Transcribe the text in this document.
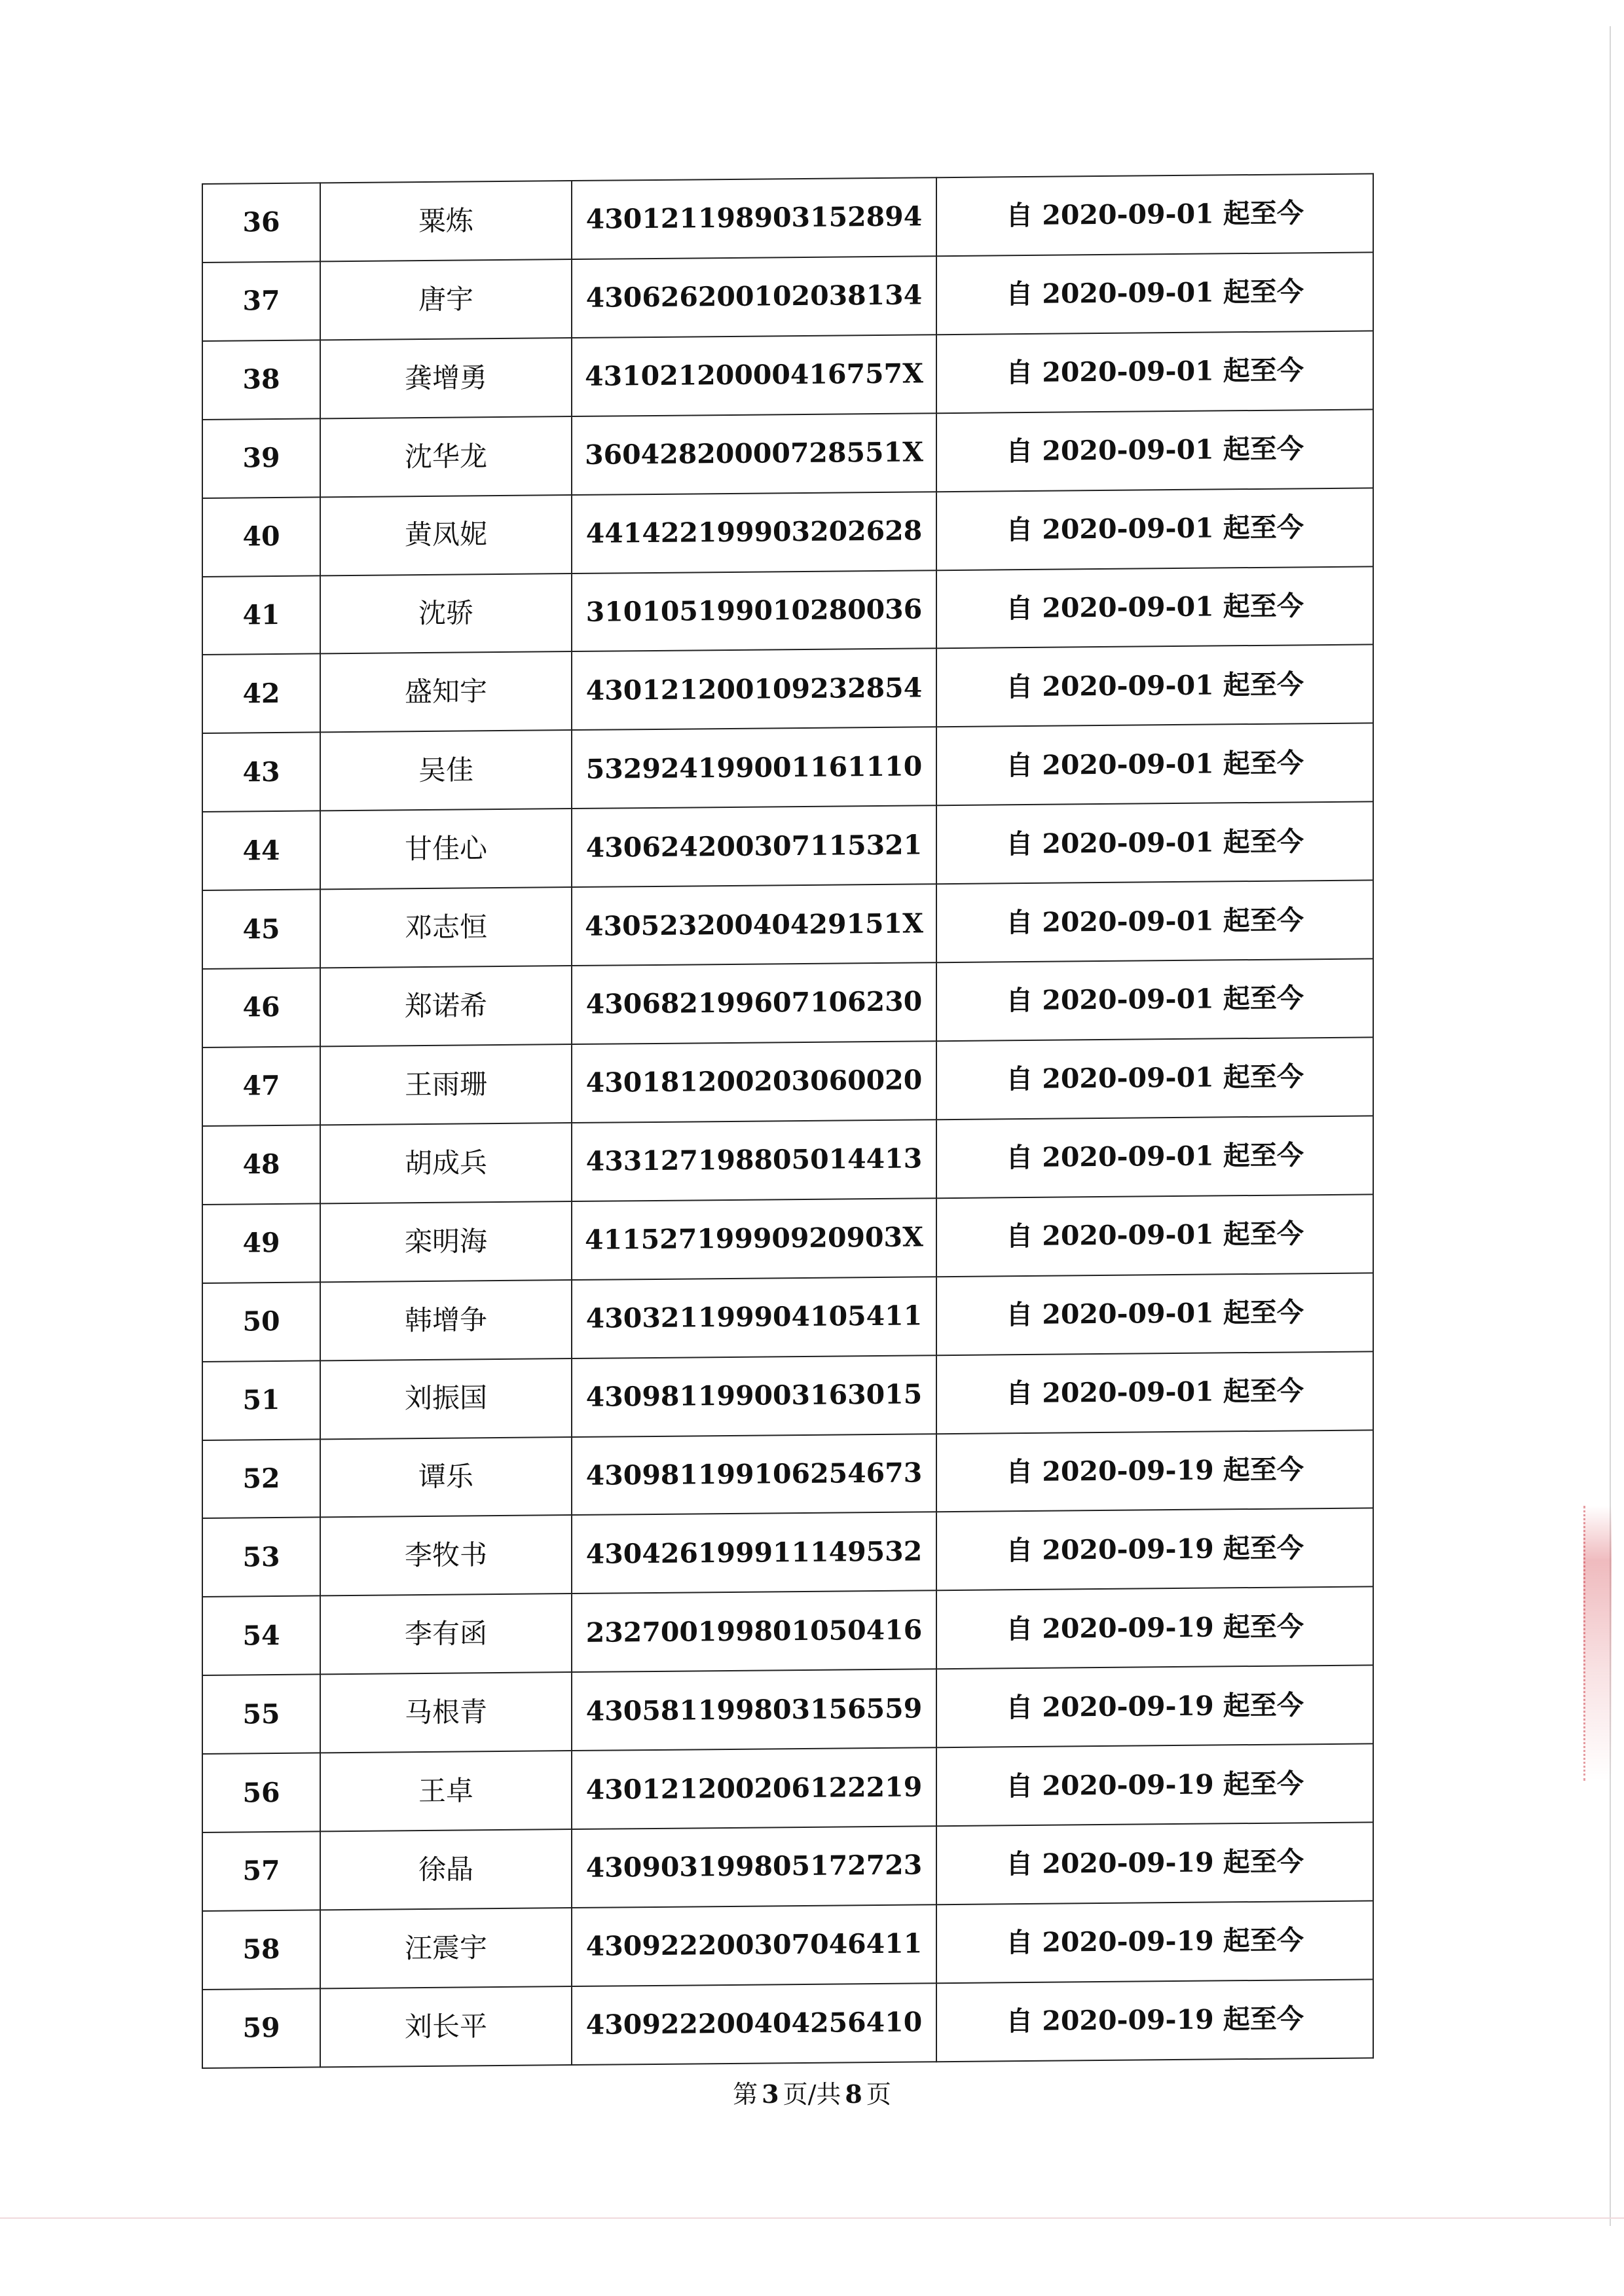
36	粟炼	430121198903152894	自 2020-09-01 起至今
37	唐宇	430626200102038134	自 2020-09-01 起至今
38	龚增勇	43102120000416757X	自 2020-09-01 起至今
39	沈华龙	36042820000728551X	自 2020-09-01 起至今
40	黄凤妮	441422199903202628	自 2020-09-01 起至今
41	沈骄	310105199010280036	自 2020-09-01 起至今
42	盛知宇	430121200109232854	自 2020-09-01 起至今
43	吴佳	532924199001161110	自 2020-09-01 起至今
44	甘佳心	430624200307115321	自 2020-09-01 起至今
45	邓志恒	43052320040429151X	自 2020-09-01 起至今
46	郑诺希	430682199607106230	自 2020-09-01 起至今
47	王雨珊	430181200203060020	自 2020-09-01 起至今
48	胡成兵	433127198805014413	自 2020-09-01 起至今
49	栾明海	41152719990920903X	自 2020-09-01 起至今
50	韩增争	430321199904105411	自 2020-09-01 起至今
51	刘振国	430981199003163015	自 2020-09-01 起至今
52	谭乐	430981199106254673	自 2020-09-19 起至今
53	李牧书	430426199911149532	自 2020-09-19 起至今
54	李有函	232700199801050416	自 2020-09-19 起至今
55	马根青	430581199803156559	自 2020-09-19 起至今
56	王卓	430121200206122219	自 2020-09-19 起至今
57	徐晶	430903199805172723	自 2020-09-19 起至今
58	汪震宇	430922200307046411	自 2020-09-19 起至今
59	刘长平	430922200404256410	自 2020-09-19 起至今
第 3 页/共 8 页
